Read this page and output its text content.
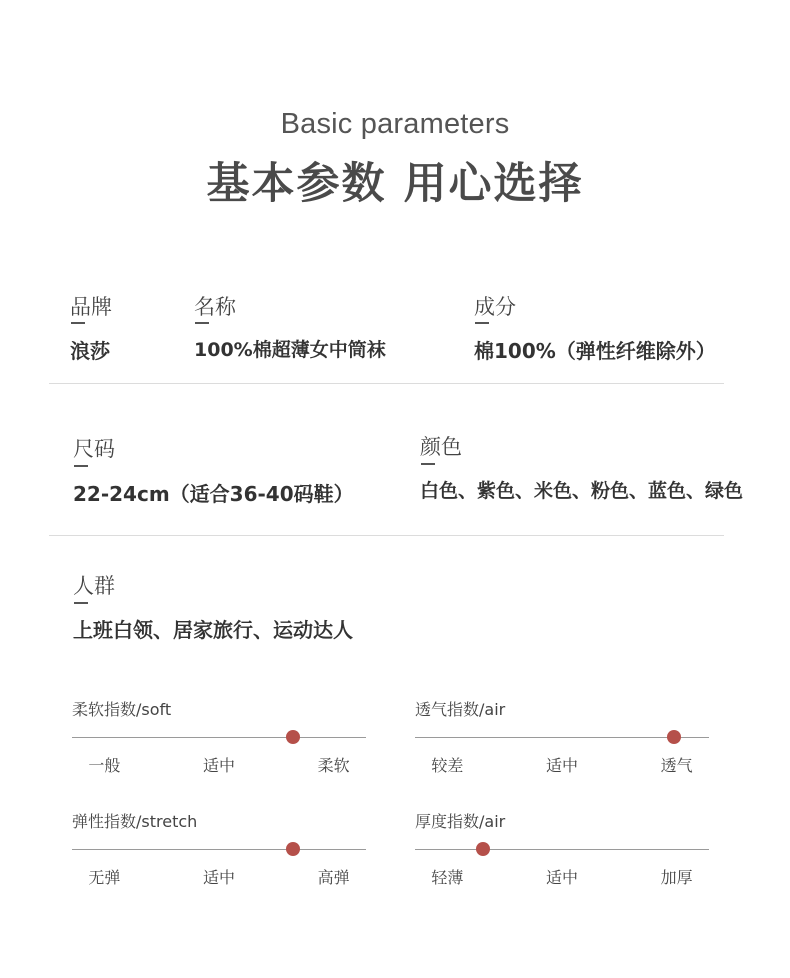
Basic parameters
基本参数 用心选择
品牌
浪莎
名称
100%棉超薄女中筒袜
成分
棉100%（弹性纤维除外）
尺码
22-24cm（适合36-40码鞋）
颜色
白色、紫色、米色、粉色、蓝色、绿色
人群
上班白领、居家旅行、运动达人
柔软指数/soft
一般	适中	柔软
透气指数/air
较差	适中	透气
弹性指数/stretch
无弹	适中	高弹
厚度指数/air
轻薄	适中	加厚
